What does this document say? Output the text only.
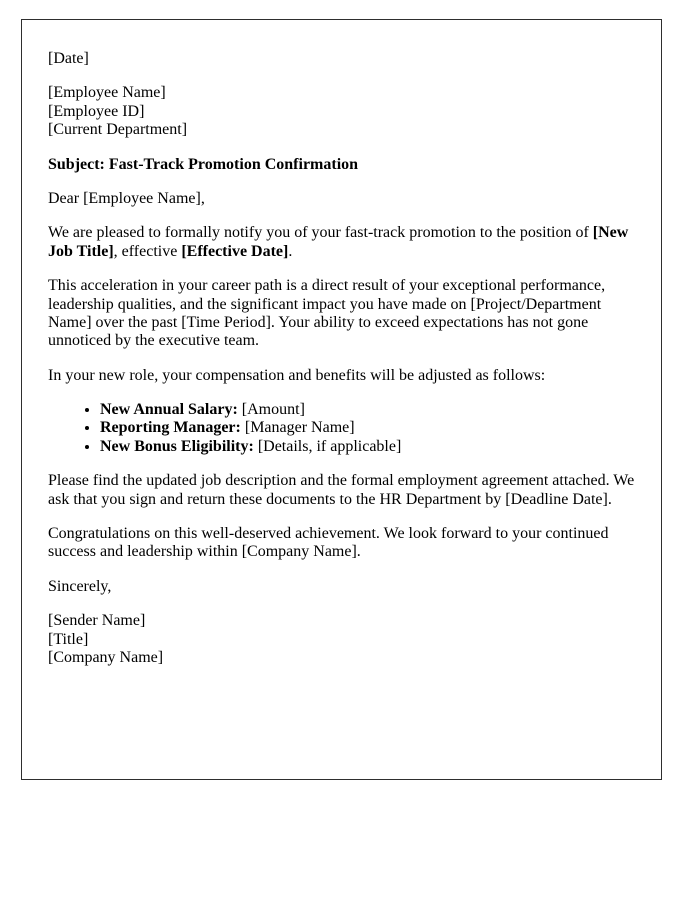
[Date]

[Employee Name]
[Employee ID]
[Current Department]

Subject: Fast-Track Promotion Confirmation

Dear [Employee Name],

We are pleased to formally notify you of your fast-track promotion to the position of [New Job Title], effective [Effective Date].

This acceleration in your career path is a direct result of your exceptional performance, leadership qualities, and the significant impact you have made on [Project/Department Name] over the past [Time Period]. Your ability to exceed expectations has not gone unnoticed by the executive team.

In your new role, your compensation and benefits will be adjusted as follows:

• New Annual Salary: [Amount]
• Reporting Manager: [Manager Name]
• New Bonus Eligibility: [Details, if applicable]

Please find the updated job description and the formal employment agreement attached. We ask that you sign and return these documents to the HR Department by [Deadline Date].

Congratulations on this well-deserved achievement. We look forward to your continued success and leadership within [Company Name].

Sincerely,

[Sender Name]
[Title]
[Company Name]
